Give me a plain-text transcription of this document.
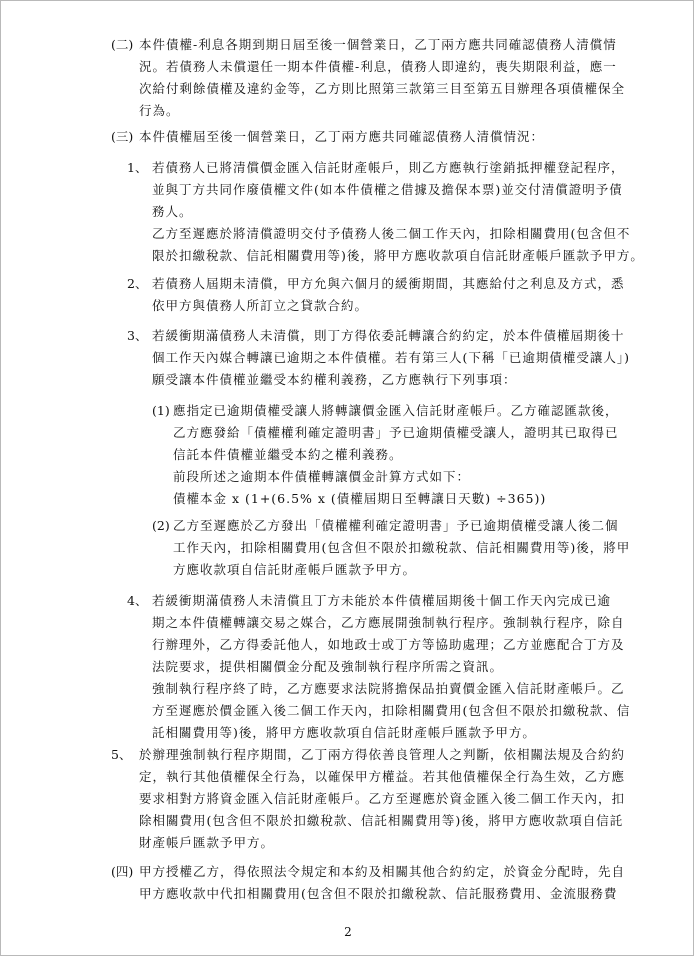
(二) 本件債權-利息各期到期日屆至後一個營業日，乙丁兩方應共同確認債務人清償情
況。若債務人未償還任一期本件債權-利息，債務人即違約，喪失期限利益，應一
次給付剩餘債權及違約金等，乙方則比照第三款第三目至第五目辦理各項債權保全
行為。
(三) 本件債權屆至後一個營業日，乙丁兩方應共同確認債務人清償情況：
1、 若債務人已將清償價金匯入信託財產帳戶，則乙方應執行塗銷抵押權登記程序，
並與丁方共同作廢債權文件(如本件債權之借據及擔保本票)並交付清償證明予債
務人。
乙方至遲應於將清償證明交付予債務人後二個工作天內，扣除相關費用(包含但不
限於扣繳稅款、信託相關費用等)後，將甲方應收款項自信託財產帳戶匯款予甲方。
2、 若債務人屆期未清償，甲方允與六個月的緩衝期間，其應給付之利息及方式，悉
依甲方與債務人所訂立之貸款合約。
3、 若緩衝期滿債務人未清償，則丁方得依委託轉讓合約約定，於本件債權屆期後十
個工作天內媒合轉讓已逾期之本件債權。若有第三人(下稱「已逾期債權受讓人」)
願受讓本件債權並繼受本約權利義務，乙方應執行下列事項：
(1) 應指定已逾期債權受讓人將轉讓價金匯入信託財產帳戶。乙方確認匯款後，
乙方應發給「債權權利確定證明書」予已逾期債權受讓人，證明其已取得已
信託本件債權並繼受本約之權利義務。
前段所述之逾期本件債權轉讓價金計算方式如下：
債權本金 x (1+(6.5% x (債權屆期日至轉讓日天數) ÷365))
(2) 乙方至遲應於乙方發出「債權權利確定證明書」予已逾期債權受讓人後二個
工作天內，扣除相關費用(包含但不限於扣繳稅款、信託相關費用等)後，將甲
方應收款項自信託財產帳戶匯款予甲方。
4、 若緩衝期滿債務人未清償且丁方未能於本件債權屆期後十個工作天內完成已逾
期之本件債權轉讓交易之媒合，乙方應展開強制執行程序。強制執行程序，除自
行辦理外，乙方得委託他人，如地政士或丁方等協助處理；乙方並應配合丁方及
法院要求，提供相關價金分配及強制執行程序所需之資訊。
強制執行程序終了時，乙方應要求法院將擔保品拍賣價金匯入信託財產帳戶。乙
方至遲應於價金匯入後二個工作天內，扣除相關費用(包含但不限於扣繳稅款、信
託相關費用等)後，將甲方應收款項自信託財產帳戶匯款予甲方。
5、 於辦理強制執行程序期間，乙丁兩方得依善良管理人之判斷，依相關法規及合約約
定，執行其他債權保全行為，以確保甲方權益。若其他債權保全行為生效，乙方應
要求相對方將資金匯入信託財產帳戶。乙方至遲應於資金匯入後二個工作天內，扣
除相關費用(包含但不限於扣繳稅款、信託相關費用等)後，將甲方應收款項自信託
財產帳戶匯款予甲方。
(四) 甲方授權乙方，得依照法令規定和本約及相關其他合約約定，於資金分配時，先自
甲方應收款中代扣相關費用(包含但不限於扣繳稅款、信託服務費用、金流服務費
2
